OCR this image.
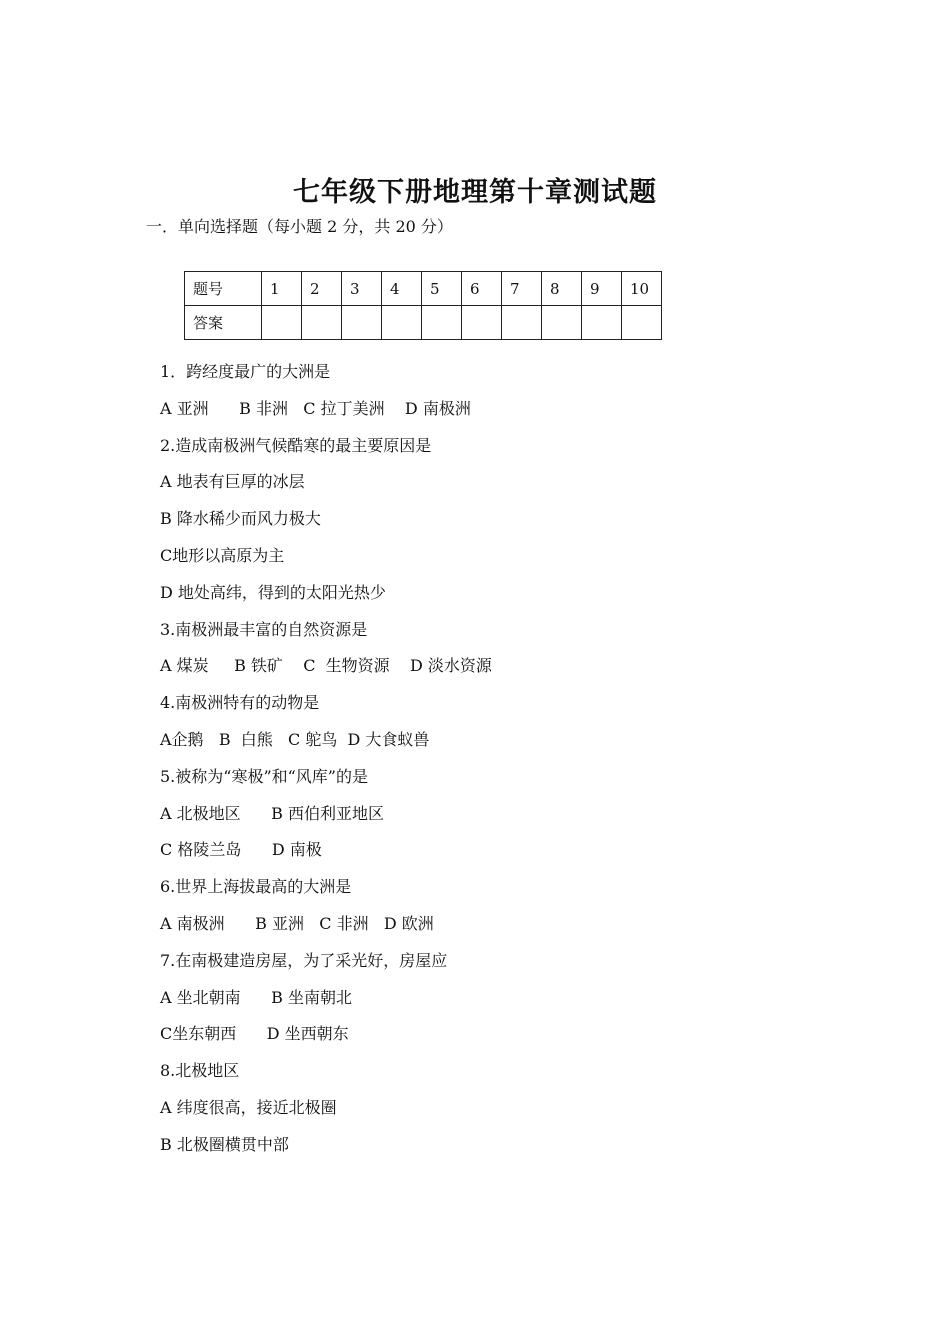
七年级下册地理第十章测试题
一．单向选择题（每小题 2 分，共 20 分）
题号	1	2	3	4	5	6	7	8	9	10
答案										
1．跨经度最广的大洲是
A 亚洲      B 非洲   C 拉丁美洲    D 南极洲
2.造成南极洲气候酷寒的最主要原因是
A 地表有巨厚的冰层
B 降水稀少而风力极大
C地形以高原为主
D 地处高纬，得到的太阳光热少
3.南极洲最丰富的自然资源是
A 煤炭     B 铁矿    C  生物资源    D 淡水资源
4.南极洲特有的动物是
A企鹅   B  白熊   C 鸵鸟  D 大食蚁兽
5.被称为“寒极”和“风库”的是
A 北极地区      B 西伯利亚地区
C 格陵兰岛      D 南极
6.世界上海拔最高的大洲是
A 南极洲      B 亚洲   C 非洲   D 欧洲
7.在南极建造房屋，为了采光好，房屋应
A 坐北朝南      B 坐南朝北
C坐东朝西      D 坐西朝东
8.北极地区
A 纬度很高，接近北极圈
B 北极圈横贯中部
